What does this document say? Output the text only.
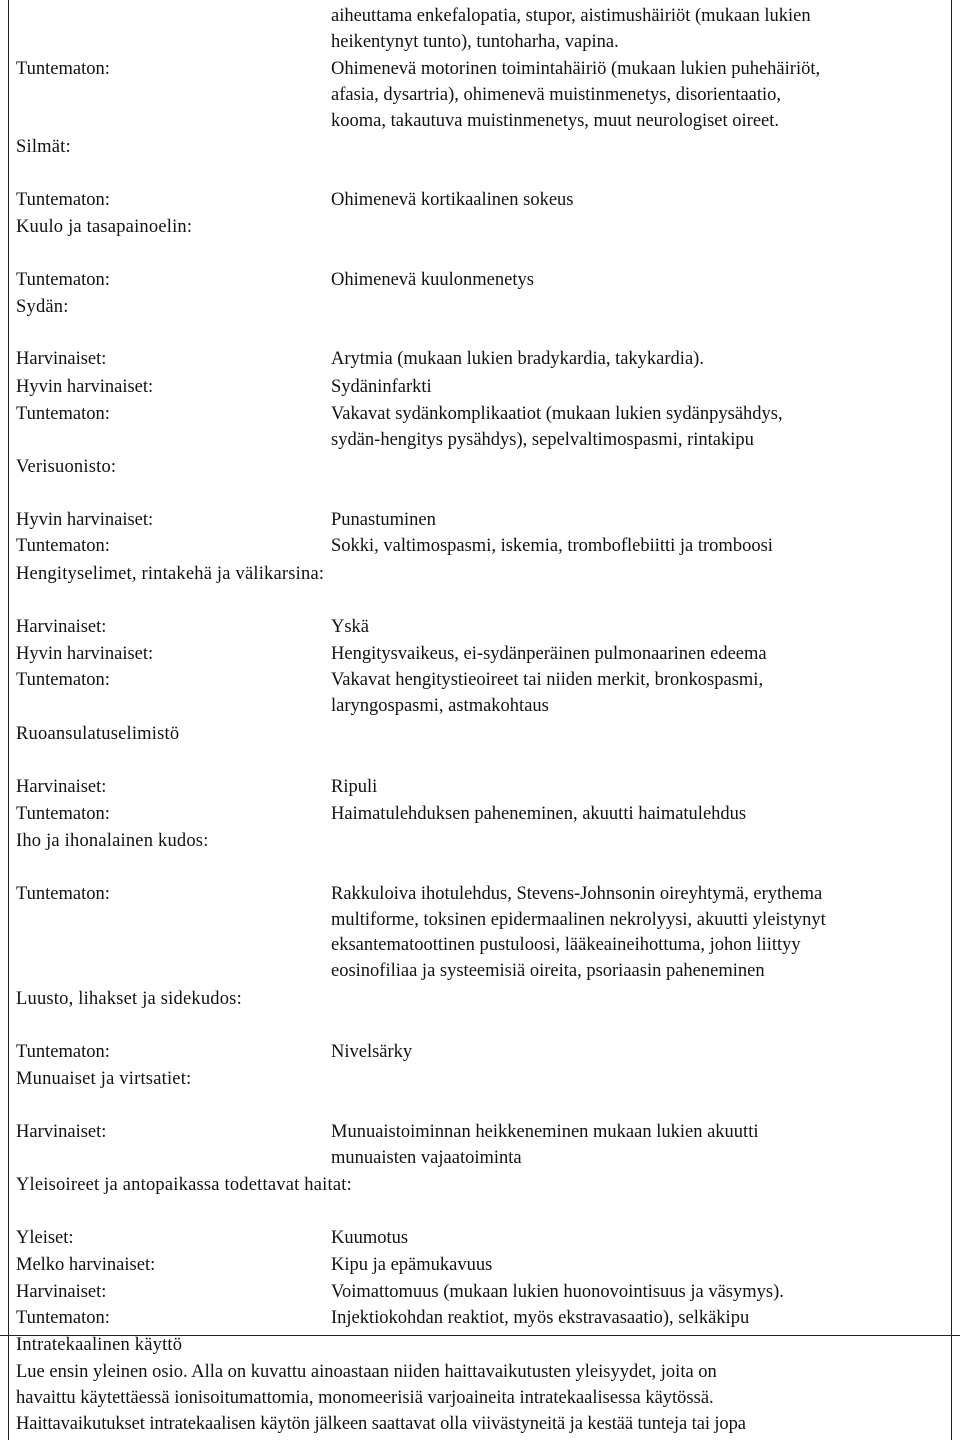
aiheuttama enkefalopatia, stupor, aistimushäiriöt (mukaan lukien
heikentynyt tunto), tuntoharha, vapina.
Tuntematon:	Ohimenevä motorinen toimintahäiriö (mukaan lukien puhehäiriöt,
afasia, dysartria), ohimenevä muistinmenetys, disorientaatio,
kooma, takautuva muistinmenetys, muut neurologiset oireet.
Silmät:
Tuntematon:	Ohimenevä kortikaalinen sokeus
Kuulo ja tasapainoelin:
Tuntematon:	Ohimenevä kuulonmenetys
Sydän:
Harvinaiset:	Arytmia (mukaan lukien bradykardia, takykardia).
Hyvin harvinaiset:	Sydäninfarkti
Tuntematon:	Vakavat sydänkomplikaatiot (mukaan lukien sydänpysähdys,
sydän-hengitys pysähdys), sepelvaltimospasmi, rintakipu
Verisuonisto:
Hyvin harvinaiset:	Punastuminen
Tuntematon:	Sokki, valtimospasmi, iskemia, tromboflebiitti ja tromboosi
Hengityselimet, rintakehä ja välikarsina:
Harvinaiset:	Yskä
Hyvin harvinaiset:	Hengitysvaikeus, ei-sydänperäinen pulmonaarinen edeema
Tuntematon:	Vakavat hengitystieoireet tai niiden merkit, bronkospasmi,
laryngospasmi, astmakohtaus
Ruoansulatuselimistö
Harvinaiset:	Ripuli
Tuntematon:	Haimatulehduksen paheneminen, akuutti haimatulehdus
Iho ja ihonalainen kudos:
Tuntematon:	Rakkuloiva ihotulehdus, Stevens-Johnsonin oireyhtymä, erythema
multiforme, toksinen epidermaalinen nekrolyysi, akuutti yleistynyt
eksantematoottinen pustuloosi, lääkeaineihottuma, johon liittyy
eosinofiliaa ja systeemisiä oireita, psoriaasin paheneminen
Luusto, lihakset ja sidekudos:
Tuntematon:	Nivelsärky
Munuaiset ja virtsatiet:
Harvinaiset:	Munuaistoiminnan heikkeneminen mukaan lukien akuutti
munuaisten vajaatoiminta
Yleisoireet ja antopaikassa todettavat haitat:
Yleiset:	Kuumotus
Melko harvinaiset:	Kipu ja epämukavuus
Harvinaiset:	Voimattomuus (mukaan lukien huonovointisuus ja väsymys).
Tuntematon:	Injektiokohdan reaktiot, myös ekstravasaatio), selkäkipu
Intratekaalinen käyttö
Lue ensin yleinen osio. Alla on kuvattu ainoastaan niiden haittavaikutusten yleisyydet, joita on
havaittu käytettäessä ionisoitumattomia, monomeerisiä varjoaineita intratekaalisessa käytössä.
Haittavaikutukset intratekaalisen käytön jälkeen saattavat olla viivästyneitä ja kestää tunteja tai jopa
